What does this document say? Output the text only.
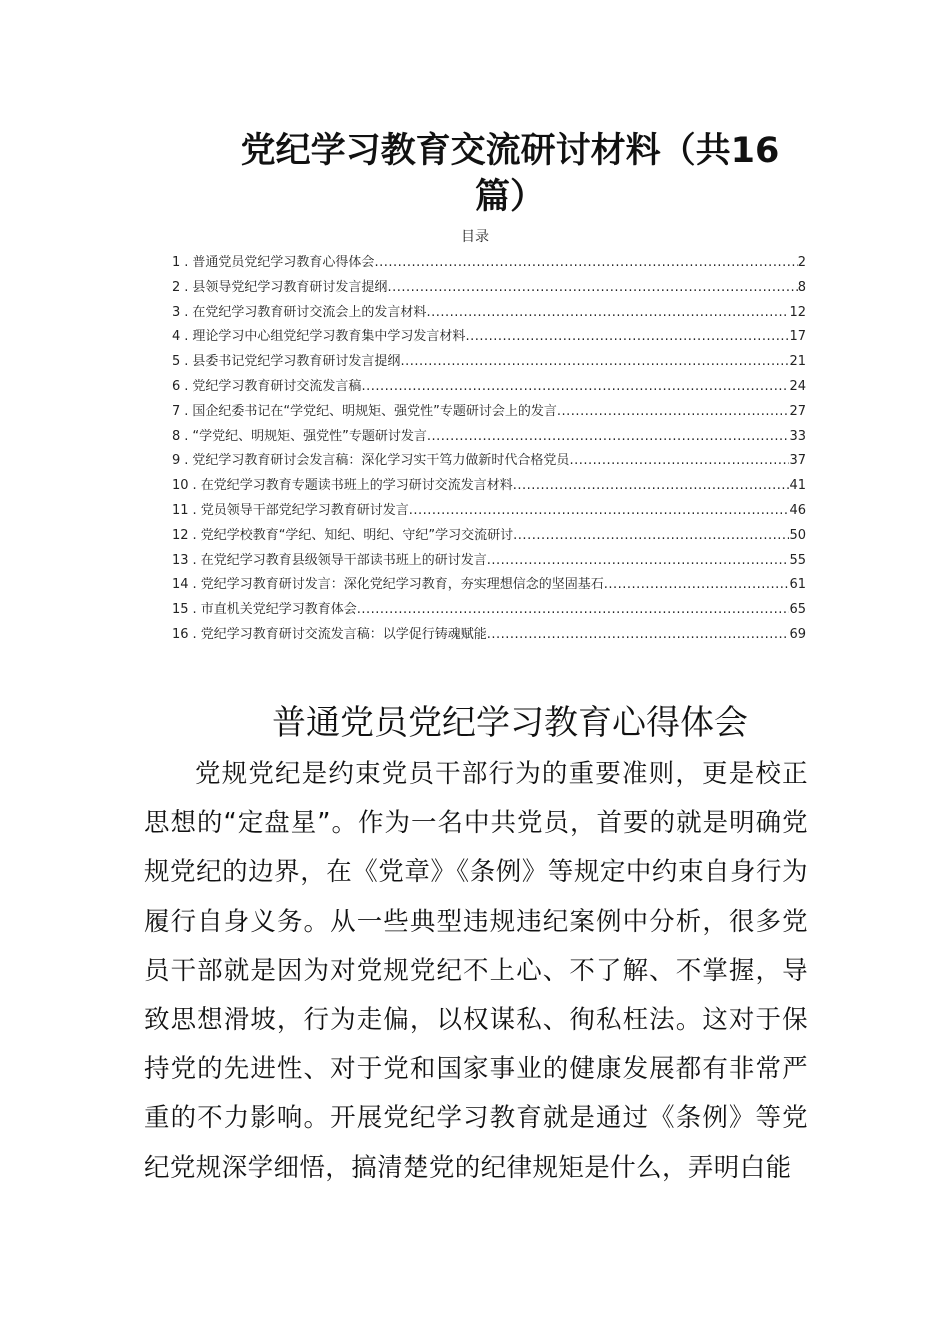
党纪学习教育交流研讨材料（共16篇）
目录
1 . 普通党员党纪学习教育心得体会 .....	2
2 . 县领导党纪学习教育研讨发言提纲 .....	8
3 . 在党纪学习教育研讨交流会上的发言材料 .....	12
4 . 理论学习中心组党纪学习教育集中学习发言材料 .....	17
5 . 县委书记党纪学习教育研讨发言提纲 .....	21
6 . 党纪学习教育研讨交流发言稿 .....	24
7 . 国企纪委书记在“学党纪、明规矩、强党性”专题研讨会上的发言 .....	27
8 . “学党纪、明规矩、强党性”专题研讨发言 .....	33
9 . 党纪学习教育研讨会发言稿：深化学习实干笃力做新时代合格党员 .....	37
10 . 在党纪学习教育专题读书班上的学习研讨交流发言材料 .....	41
11 . 党员领导干部党纪学习教育研讨发言 .....	46
12 . 党纪学校教育“学纪、知纪、明纪、守纪”学习交流研讨 .....	50
13 . 在党纪学习教育县级领导干部读书班上的研讨发言 .....	55
14 . 党纪学习教育研讨发言：深化党纪学习教育，夯实理想信念的坚固基石 .....	61
15 . 市直机关党纪学习教育体会 .....	65
16 . 党纪学习教育研讨交流发言稿：以学促行铸魂赋能 .....	69
普通党员党纪学习教育心得体会

党规党纪是约束党员干部行为的重要准则，更是校正思想的“定盘星”。作为一名中共党员，首要的就是明确党规党纪的边界，在《党章》《条例》等规定中约束自身行为履行自身义务。从一些典型违规违纪案例中分析，很多党员干部就是因为对党规党纪不上心、不了解、不掌握，导致思想滑坡，行为走偏，以权谋私、徇私枉法。这对于保持党的先进性、对于党和国家事业的健康发展都有非常严重的不力影响。开展党纪学习教育就是通过《条例》等党纪党规深学细悟，搞清楚党的纪律规矩是什么，弄明白能
